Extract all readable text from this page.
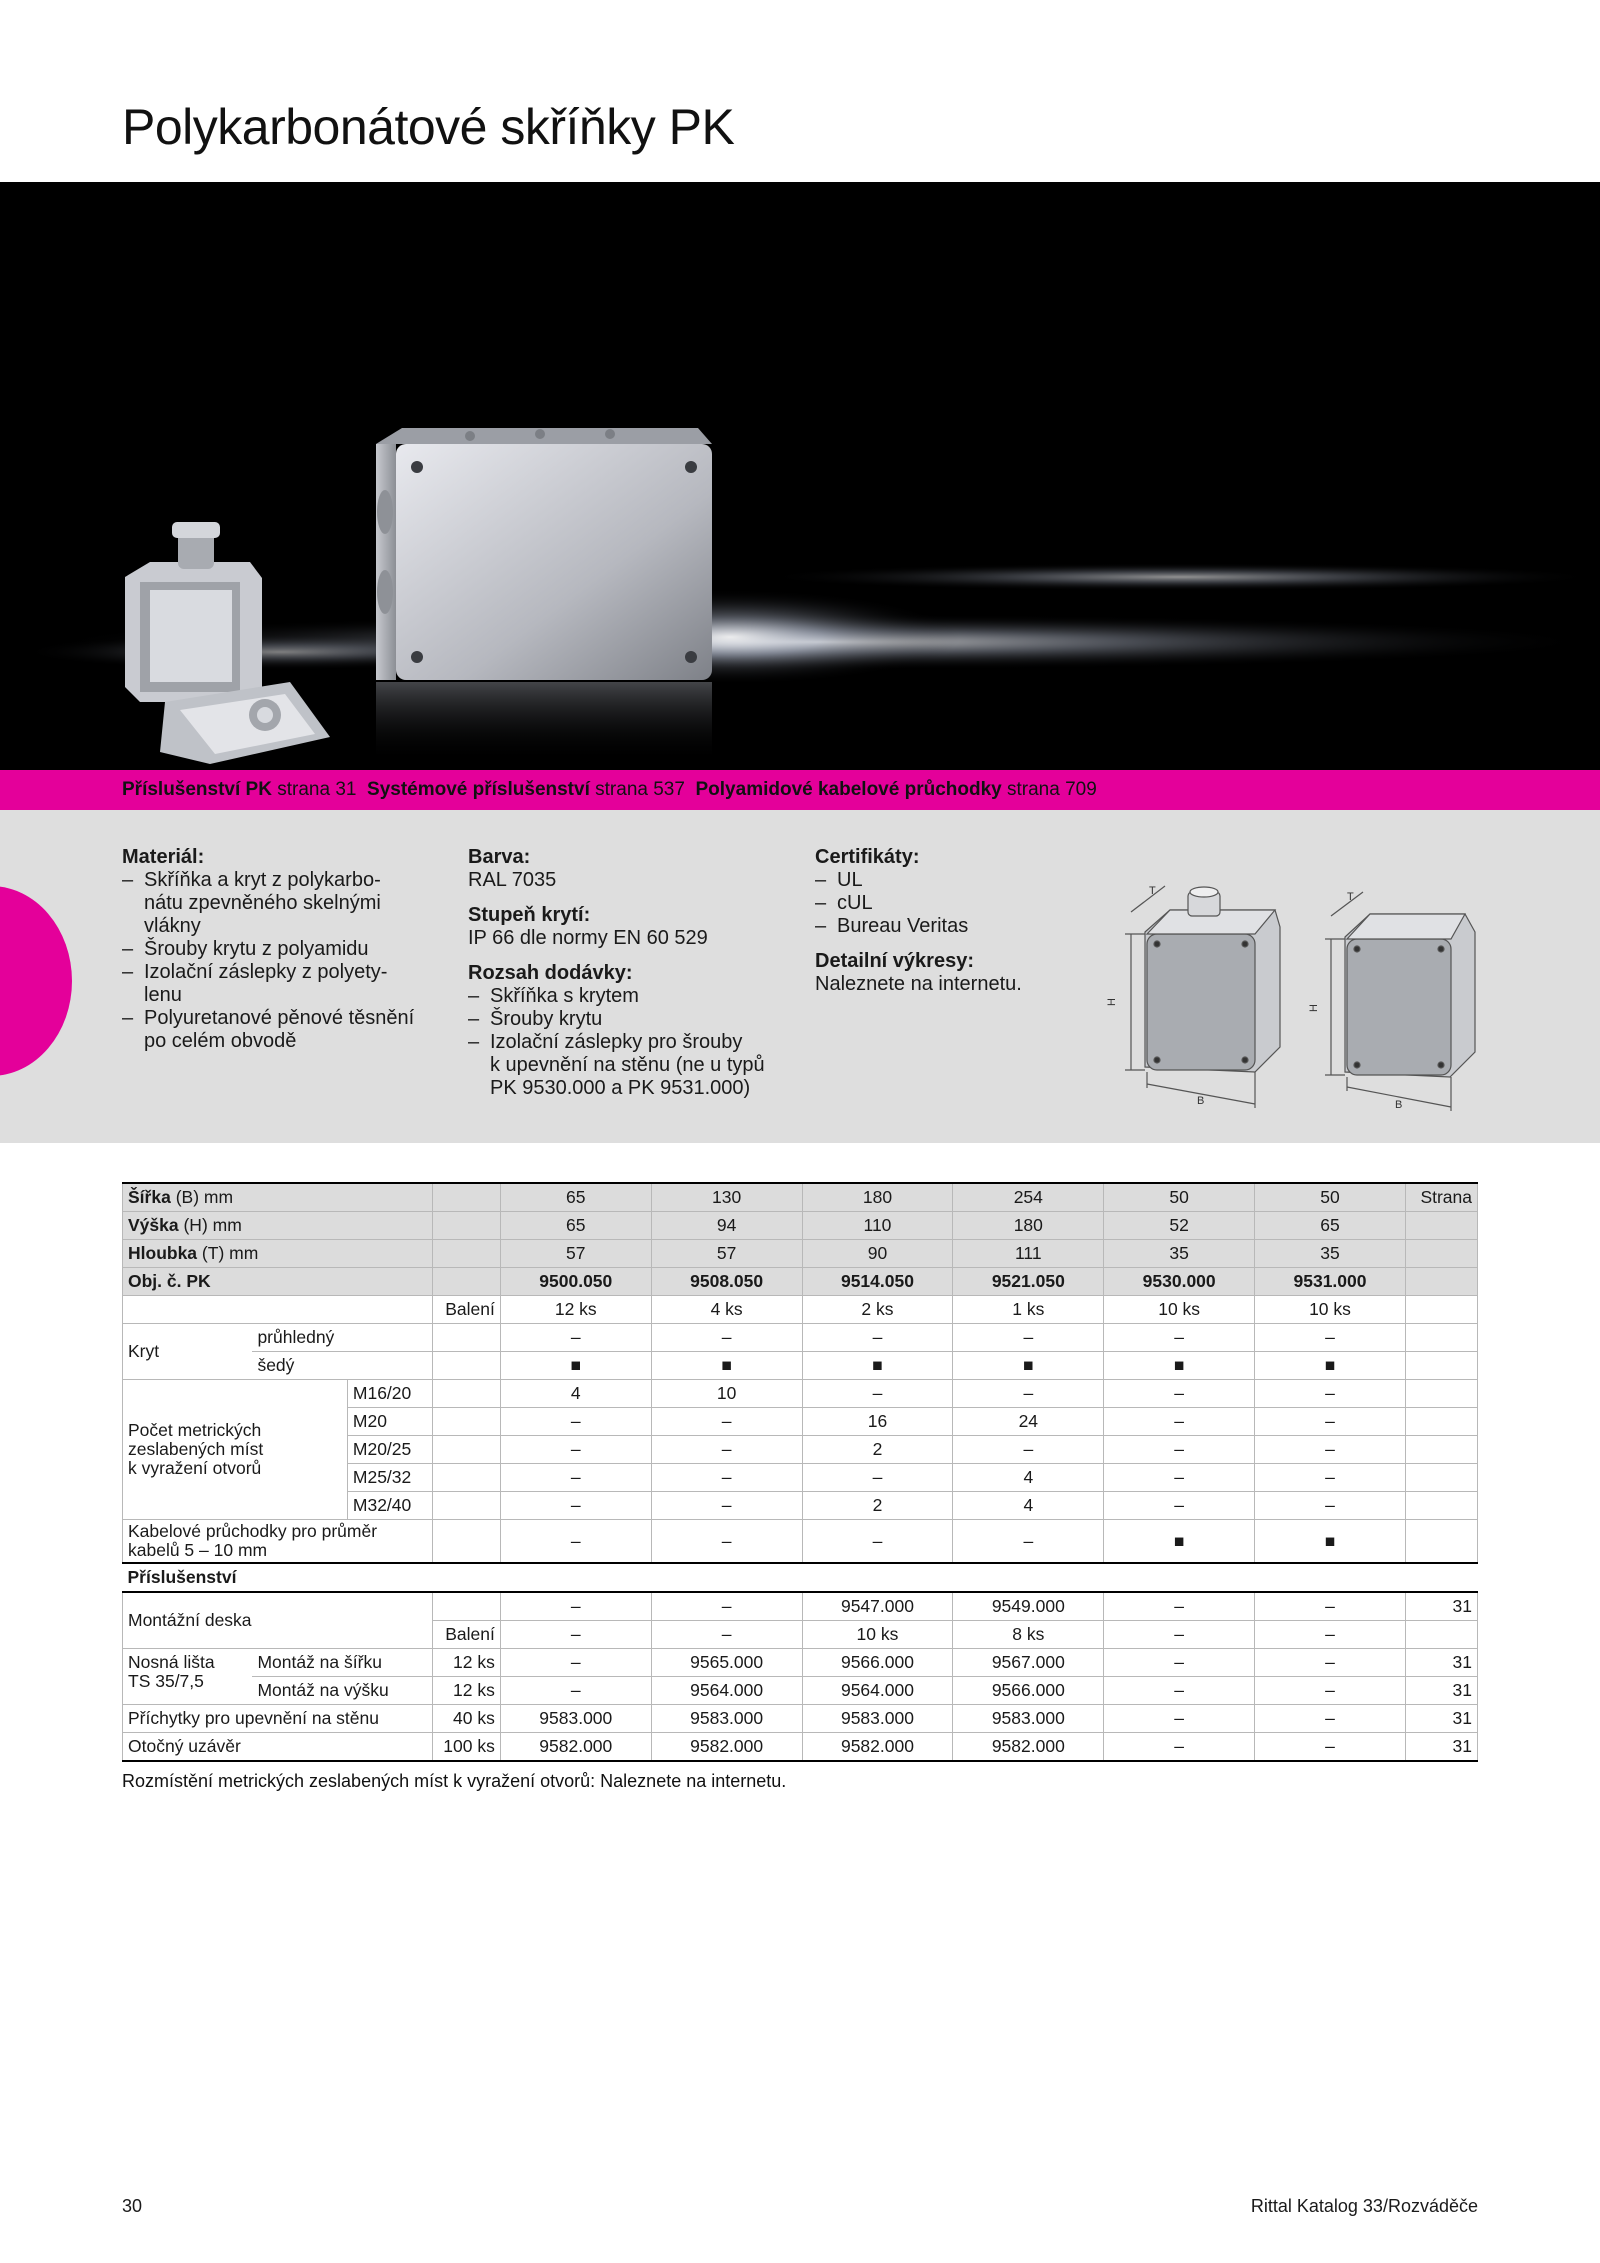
Polykarbonátové skříňky PK
Příslušenství PK strana 31 Systémové příslušenství strana 537 Polyamidové kabelové průchodky strana 709
Materiál:
– Skříňka a kryt z polykarbo-
nátu zpevněného skelnými
vlákny
– Šrouby krytu z polyamidu
– Izolační záslepky z polyety-
lenu
– Polyuretanové pěnové těsnění
po celém obvodě
Barva:

RAL 7035

Stupeň krytí:

IP 66 dle normy EN 60 529

Rozsah dodávky:
– Skříňka s krytem
– Šrouby krytu
– Izolační záslepky pro šrouby
k upevnění na stěnu (ne u typů
PK 9530.000 a PK 9531.000)
Certifikáty:
– UL
– cUL
– Bureau Veritas
Detailní výkresy:

Naleznete na internetu.

H
T
B
H
T
B
Šířka (B) mm				65	130	180	254	50	50	Strana
Výška (H) mm				65	94	110	180	52	65	
Hloubka (T) mm				57	57	90	111	35	35	
Obj. č. PK				9500.050	9508.050	9514.050	9521.050	9530.000	9531.000	
			Balení	12 ks	4 ks	2 ks	1 ks	10 ks	10 ks	
Kryt	průhledný			–	–	–	–	–	–	
	šedý			■	■	■	■	■	■	
Počet metrických
zeslabených míst
k vyražení otvorů		M16/20		4	10	–	–	–	–	
		M20		–	–	16	24	–	–	
		M20/25		–	–	2	–	–	–	
		M25/32		–	–	–	4	–	–	
		M32/40		–	–	2	4	–	–	
Kabelové průchodky pro průměr
kabelů 5 – 10 mm				–	–	–	–	■	■	
Příslušenství										
Montážní deska				–	–	9547.000	9549.000	–	–	31
			Balení	–	–	10 ks	8 ks	–	–	
Nosná lišta
TS 35/7,5	Montáž na šířku		12 ks	–	9565.000	9566.000	9567.000	–	–	31
	Montáž na výšku		12 ks	–	9564.000	9564.000	9566.000	–	–	31
Příchytky pro upevnění na stěnu			40 ks	9583.000	9583.000	9583.000	9583.000	–	–	31
Otočný uzávěr			100 ks	9582.000	9582.000	9582.000	9582.000	–	–	31
Rozmístění metrických zeslabených míst k vyražení otvorů: Naleznete na internetu.
30	Rittal Katalog 33/Rozváděče
